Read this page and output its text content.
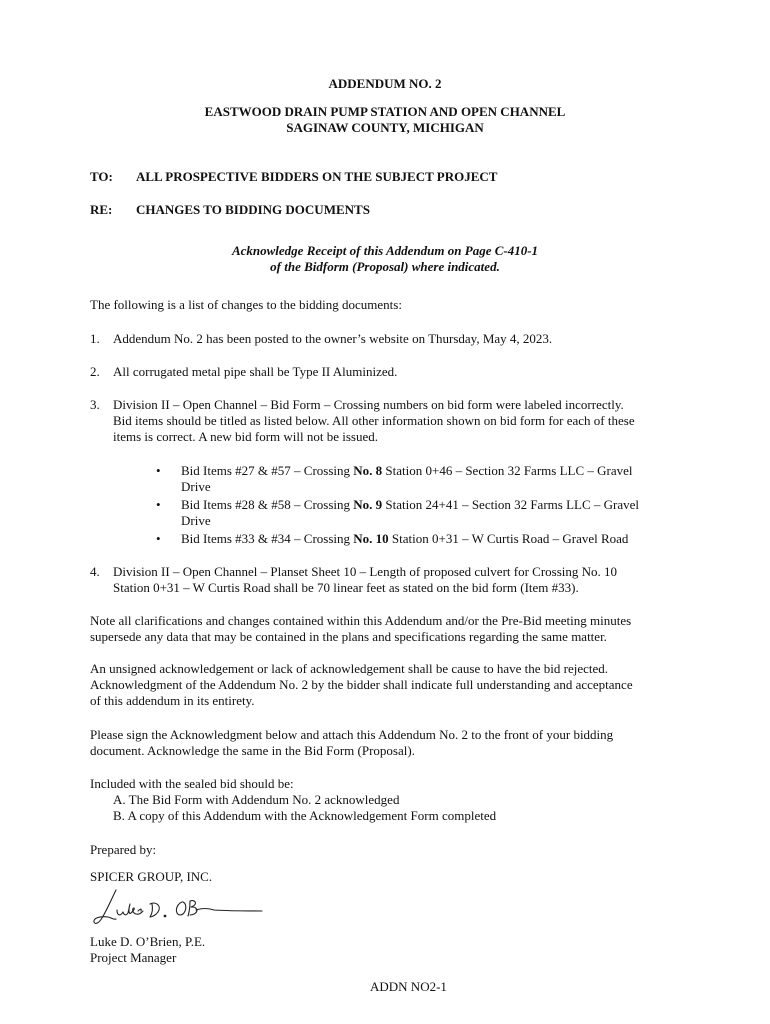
ADDENDUM NO. 2
EASTWOOD DRAIN PUMP STATION AND OPEN CHANNEL
SAGINAW COUNTY, MICHIGAN
TO: ALL PROSPECTIVE BIDDERS ON THE SUBJECT PROJECT
RE: CHANGES TO BIDDING DOCUMENTS
Acknowledge Receipt of this Addendum on Page C-410-1
of the Bidform (Proposal) where indicated.
The following is a list of changes to the bidding documents:
1. Addendum No. 2 has been posted to the owner’s website on Thursday, May 4, 2023.
2. All corrugated metal pipe shall be Type II Aluminized.
3. Division II – Open Channel – Bid Form – Crossing numbers on bid form were labeled incorrectly.
Bid items should be titled as listed below. All other information shown on bid form for each of these
items is correct. A new bid form will not be issued.
• Bid Items #27 & #57 – Crossing No. 8 Station 0+46 – Section 32 Farms LLC – Gravel
Drive
• Bid Items #28 & #58 – Crossing No. 9 Station 24+41 – Section 32 Farms LLC – Gravel
Drive
• Bid Items #33 & #34 – Crossing No. 10 Station 0+31 – W Curtis Road – Gravel Road
4. Division II – Open Channel – Planset Sheet 10 – Length of proposed culvert for Crossing No. 10
Station 0+31 – W Curtis Road shall be 70 linear feet as stated on the bid form (Item #33).
Note all clarifications and changes contained within this Addendum and/or the Pre-Bid meeting minutes
supersede any data that may be contained in the plans and specifications regarding the same matter.
An unsigned acknowledgement or lack of acknowledgement shall be cause to have the bid rejected.
Acknowledgment of the Addendum No. 2 by the bidder shall indicate full understanding and acceptance
of this addendum in its entirety.
Please sign the Acknowledgment below and attach this Addendum No. 2 to the front of your bidding
document. Acknowledge the same in the Bid Form (Proposal).
Included with the sealed bid should be:
A. The Bid Form with Addendum No. 2 acknowledged
B. A copy of this Addendum with the Acknowledgement Form completed
Prepared by:
SPICER GROUP, INC.
Luke D. O’Brien, P.E.
Project Manager
ADDN NO2-1
